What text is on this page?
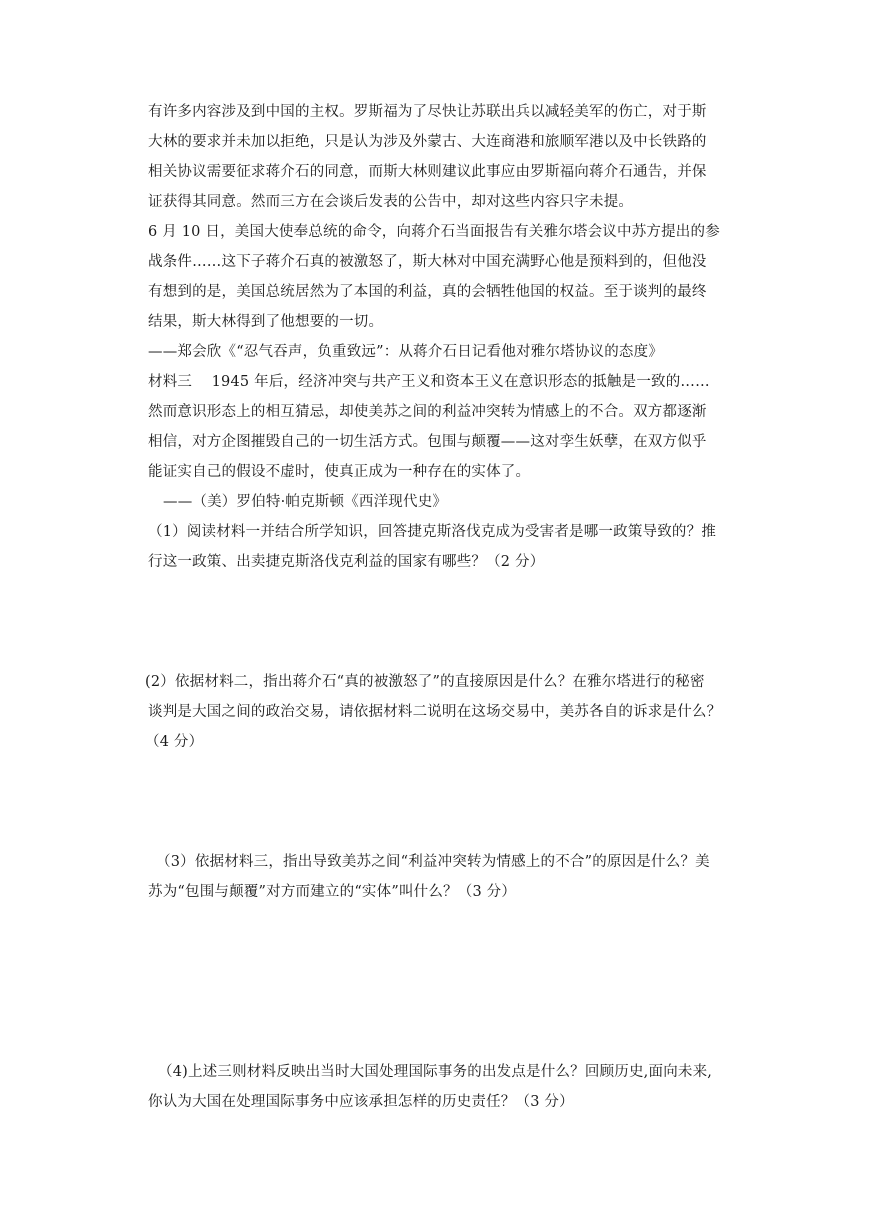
有许多内容涉及到中国的主权。罗斯福为了尽快让苏联出兵以减轻美军的伤亡，对于斯
大林的要求并未加以拒绝，只是认为涉及外蒙古、大连商港和旅顺军港以及中长铁路的
相关协议需要征求蒋介石的同意，而斯大林则建议此事应由罗斯福向蒋介石通告，并保
证获得其同意。然而三方在会谈后发表的公告中，却对这些内容只字未提。
6 月 10 日，美国大使奉总统的命令，向蒋介石当面报告有关雅尔塔会议中苏方提出的参
战条件……这下子蒋介石真的被激怒了，斯大林对中国充满野心他是预料到的，但他没
有想到的是，美国总统居然为了本国的利益，真的会牺牲他国的权益。至于谈判的最终
结果，斯大林得到了他想要的一切。
——郑会欣《“忍气吞声，负重致远”：从蒋介石日记看他对雅尔塔协议的态度》
材料三　 1945 年后，经济冲突与共产王义和资本王义在意识形态的抵触是一致的……
然而意识形态上的相互猜忌，却使美苏之间的利益冲突转为情感上的不合。双方都逐渐
相信，对方企图摧毁自己的一切生活方式。包围与颠覆——这对孪生妖孽，在双方似乎
能证实自己的假设不虚时，使真正成为一种存在的实体了。
——（美）罗伯特·帕克斯顿《西洋现代史》
（1）阅读材料一并结合所学知识，回答捷克斯洛伐克成为受害者是哪一政策导致的？推
行这一政策、出卖捷克斯洛伐克利益的国家有哪些？（2 分）
(2）依据材料二，指出蒋介石“真的被激怒了”的直接原因是什么？在雅尔塔进行的秘密
谈判是大国之间的政治交易，请依据材料二说明在这场交易中，美苏各自的诉求是什么？
（4 分）
（3）依据材料三，指出导致美苏之间“利益冲突转为情感上的不合”的原因是什么？美
苏为“包围与颠覆”对方而建立的“实体”叫什么？（3 分）
（4)上述三则材料反映出当时大国处理国际事务的出发点是什么？回顾历史,面向未来,
你认为大国在处理国际事务中应该承担怎样的历史责任？（3 分）
